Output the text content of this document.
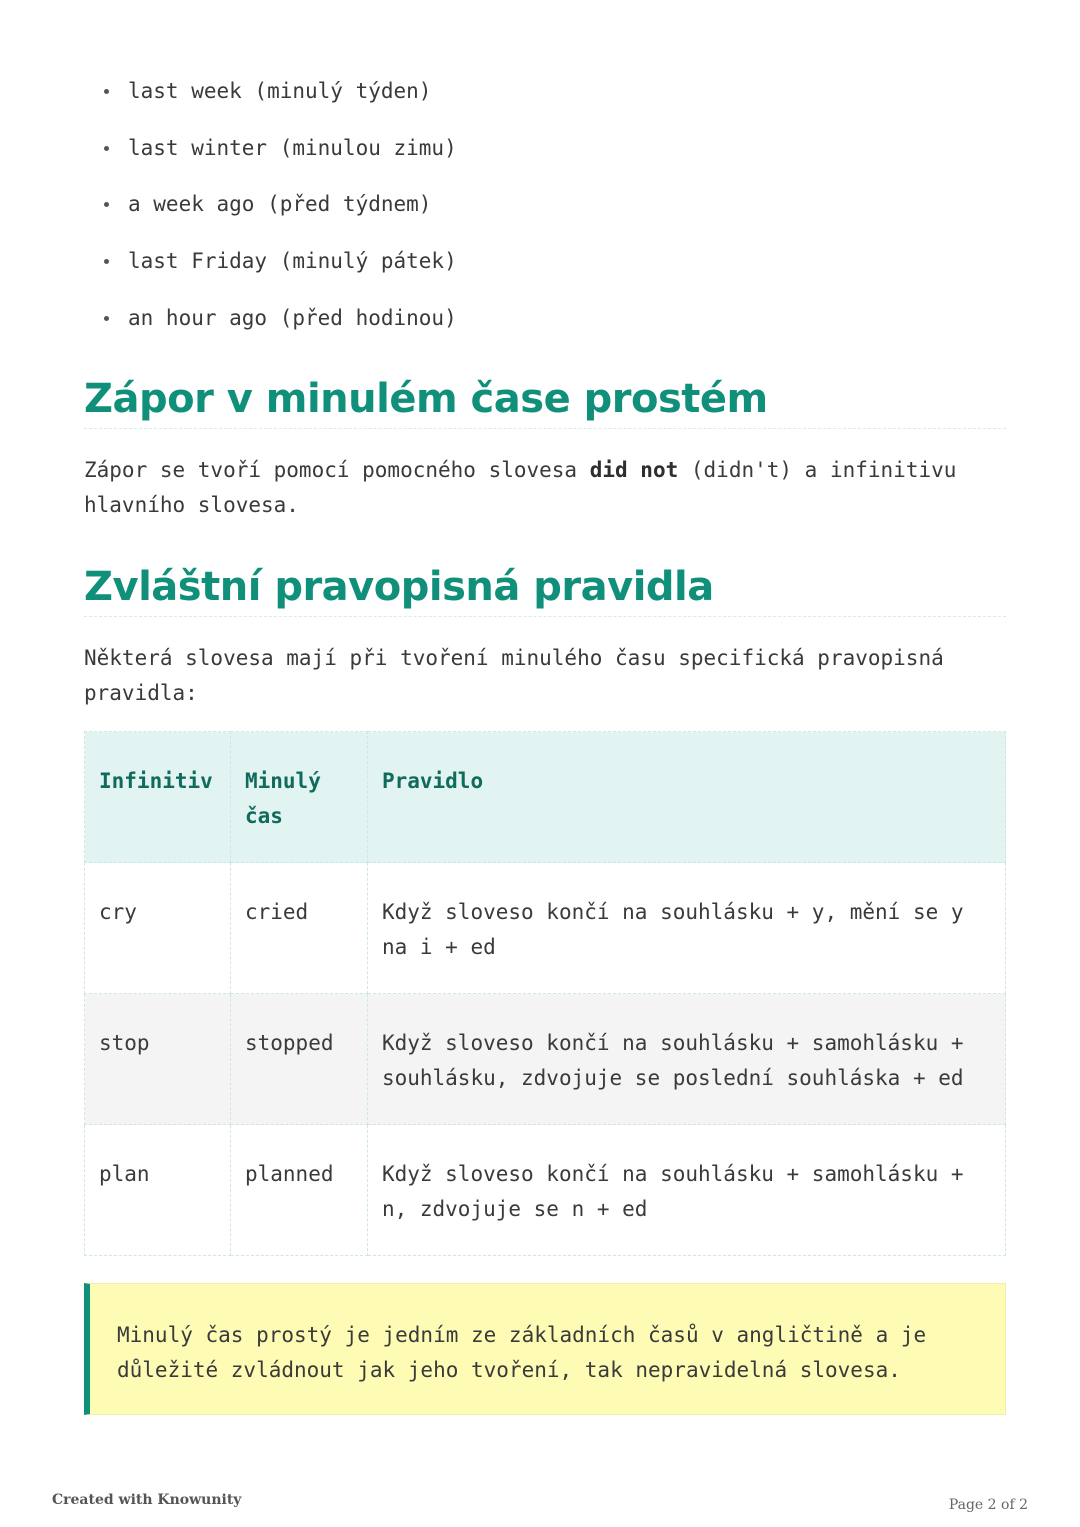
last week (minulý týden)
last winter (minulou zimu)
a week ago (před týdnem)
last Friday (minulý pátek)
an hour ago (před hodinou)
Zápor v minulém čase prostém

Zápor se tvoří pomocí pomocného slovesa did not (didn't) a infinitivu hlavního slovesa.

Zvláštní pravopisná pravidla

Některá slovesa mají při tvoření minulého času specifická pravopisná pravidla:

Infinitiv	Minulý čas	Pravidlo
cry	cried	Když sloveso končí na souhlásku + y, mění se y na i + ed
stop	stopped	Když sloveso končí na souhlásku + samohlásku + souhlásku, zdvojuje se poslední souhláska + ed
plan	planned	Když sloveso končí na souhlásku + samohlásku + n, zdvojuje se n + ed
Minulý čas prostý je jedním ze základních časů v angličtině a je důležité zvládnout jak jeho tvoření, tak nepravidelná slovesa.
Created with Knowunity	Page 2 of 2
